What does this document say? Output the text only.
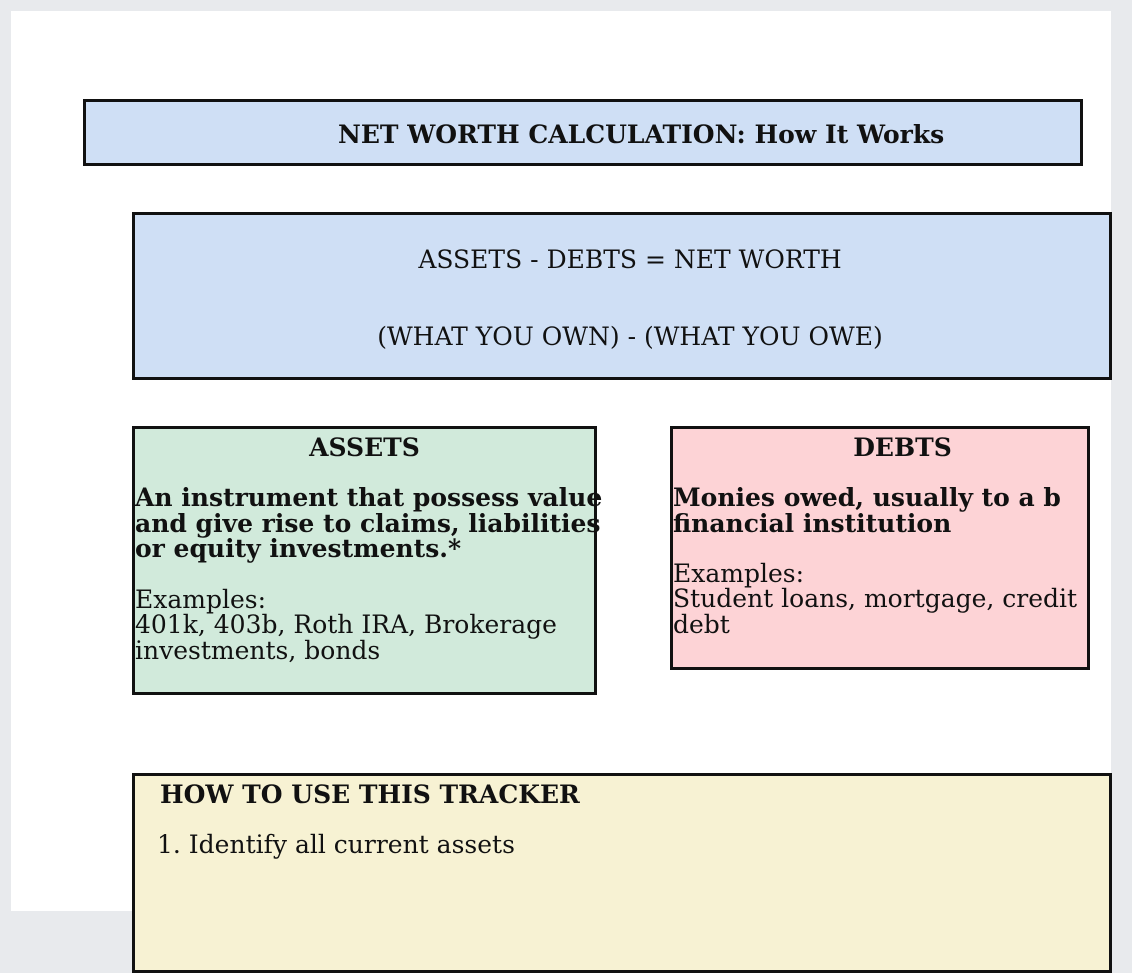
NET WORTH CALCULATION: How It Works
ASSETS - DEBTS = NET WORTH
(WHAT YOU OWN) - (WHAT YOU OWE)
ASSETS
An instrument that possess value
and give rise to claims, liabilities
or equity investments.*
Examples:
401k, 403b, Roth IRA, Brokerage
investments, bonds
DEBTS
Monies owed, usually to a b
financial institution
Examples:
Student loans, mortgage, credit
debt
HOW TO USE THIS TRACKER
1. Identify all current assets
